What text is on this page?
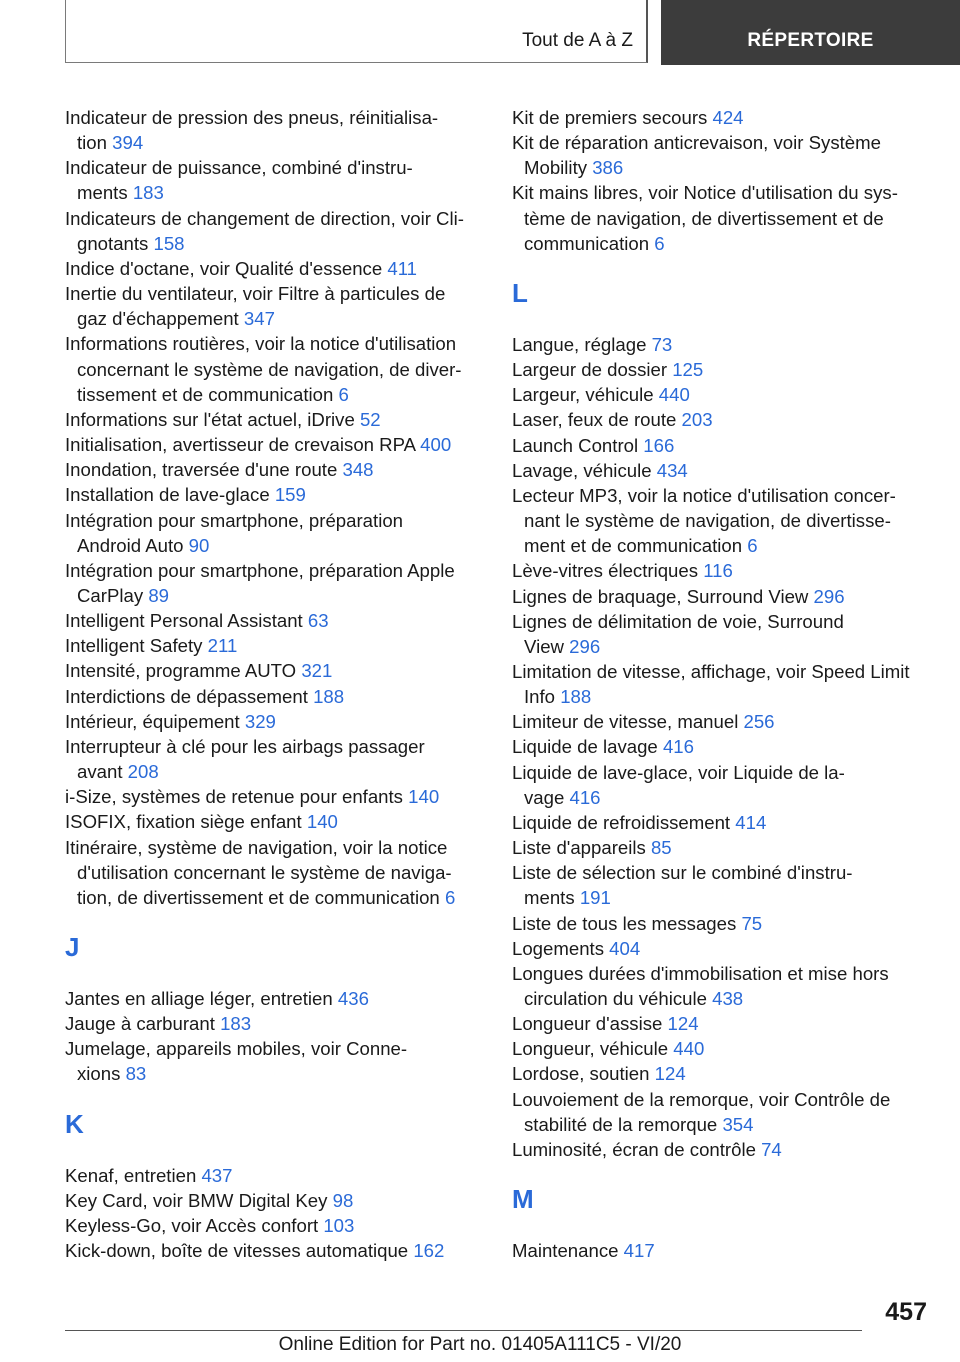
Tout de A à Z	RÉPERTOIRE
Indicateur de pression des pneus, réinitialisa‐
tion 394
Indicateur de puissance, combiné d'instru‐
ments 183
Indicateurs de changement de direction, voir Cli‐
gnotants 158
Indice d'octane, voir Qualité d'essence 411
Inertie du ventilateur, voir Filtre à particules de
gaz d'échappement 347
Informations routières, voir la notice d'utilisation
concernant le système de navigation, de diver‐
tissement et de communication 6
Informations sur l'état actuel, iDrive 52
Initialisation, avertisseur de crevaison RPA 400
Inondation, traversée d'une route 348
Installation de lave-glace 159
Intégration pour smartphone, préparation
Android Auto 90
Intégration pour smartphone, préparation Apple
CarPlay 89
Intelligent Personal Assistant 63
Intelligent Safety 211
Intensité, programme AUTO 321
Interdictions de dépassement 188
Intérieur, équipement 329
Interrupteur à clé pour les airbags passager
avant 208
i-Size, systèmes de retenue pour enfants 140
ISOFIX, fixation siège enfant 140
Itinéraire, système de navigation, voir la notice
d'utilisation concernant le système de naviga‐
tion, de divertissement et de communication 6
J
Jantes en alliage léger, entretien 436
Jauge à carburant 183
Jumelage, appareils mobiles, voir Conne‐
xions 83
K
Kenaf, entretien 437
Key Card, voir BMW Digital Key 98
Keyless-Go, voir Accès confort 103
Kick-down, boîte de vitesses automatique 162
Kit de premiers secours 424
Kit de réparation anticrevaison, voir Système
Mobility 386
Kit mains libres, voir Notice d'utilisation du sys‐
tème de navigation, de divertissement et de
communication 6
L
Langue, réglage 73
Largeur de dossier 125
Largeur, véhicule 440
Laser, feux de route 203
Launch Control 166
Lavage, véhicule 434
Lecteur MP3, voir la notice d'utilisation concer‐
nant le système de navigation, de divertisse‐
ment et de communication 6
Lève-vitres électriques 116
Lignes de braquage, Surround View 296
Lignes de délimitation de voie, Surround
View 296
Limitation de vitesse, affichage, voir Speed Limit
Info 188
Limiteur de vitesse, manuel 256
Liquide de lavage 416
Liquide de lave-glace, voir Liquide de la‐
vage 416
Liquide de refroidissement 414
Liste d'appareils 85
Liste de sélection sur le combiné d'instru‐
ments 191
Liste de tous les messages 75
Logements 404
Longues durées d'immobilisation et mise hors
circulation du véhicule 438
Longueur d'assise 124
Longueur, véhicule 440
Lordose, soutien 124
Louvoiement de la remorque, voir Contrôle de
stabilité de la remorque 354
Luminosité, écran de contrôle 74
M
Maintenance 417
457
Online Edition for Part no. 01405A111C5 - VI/20
